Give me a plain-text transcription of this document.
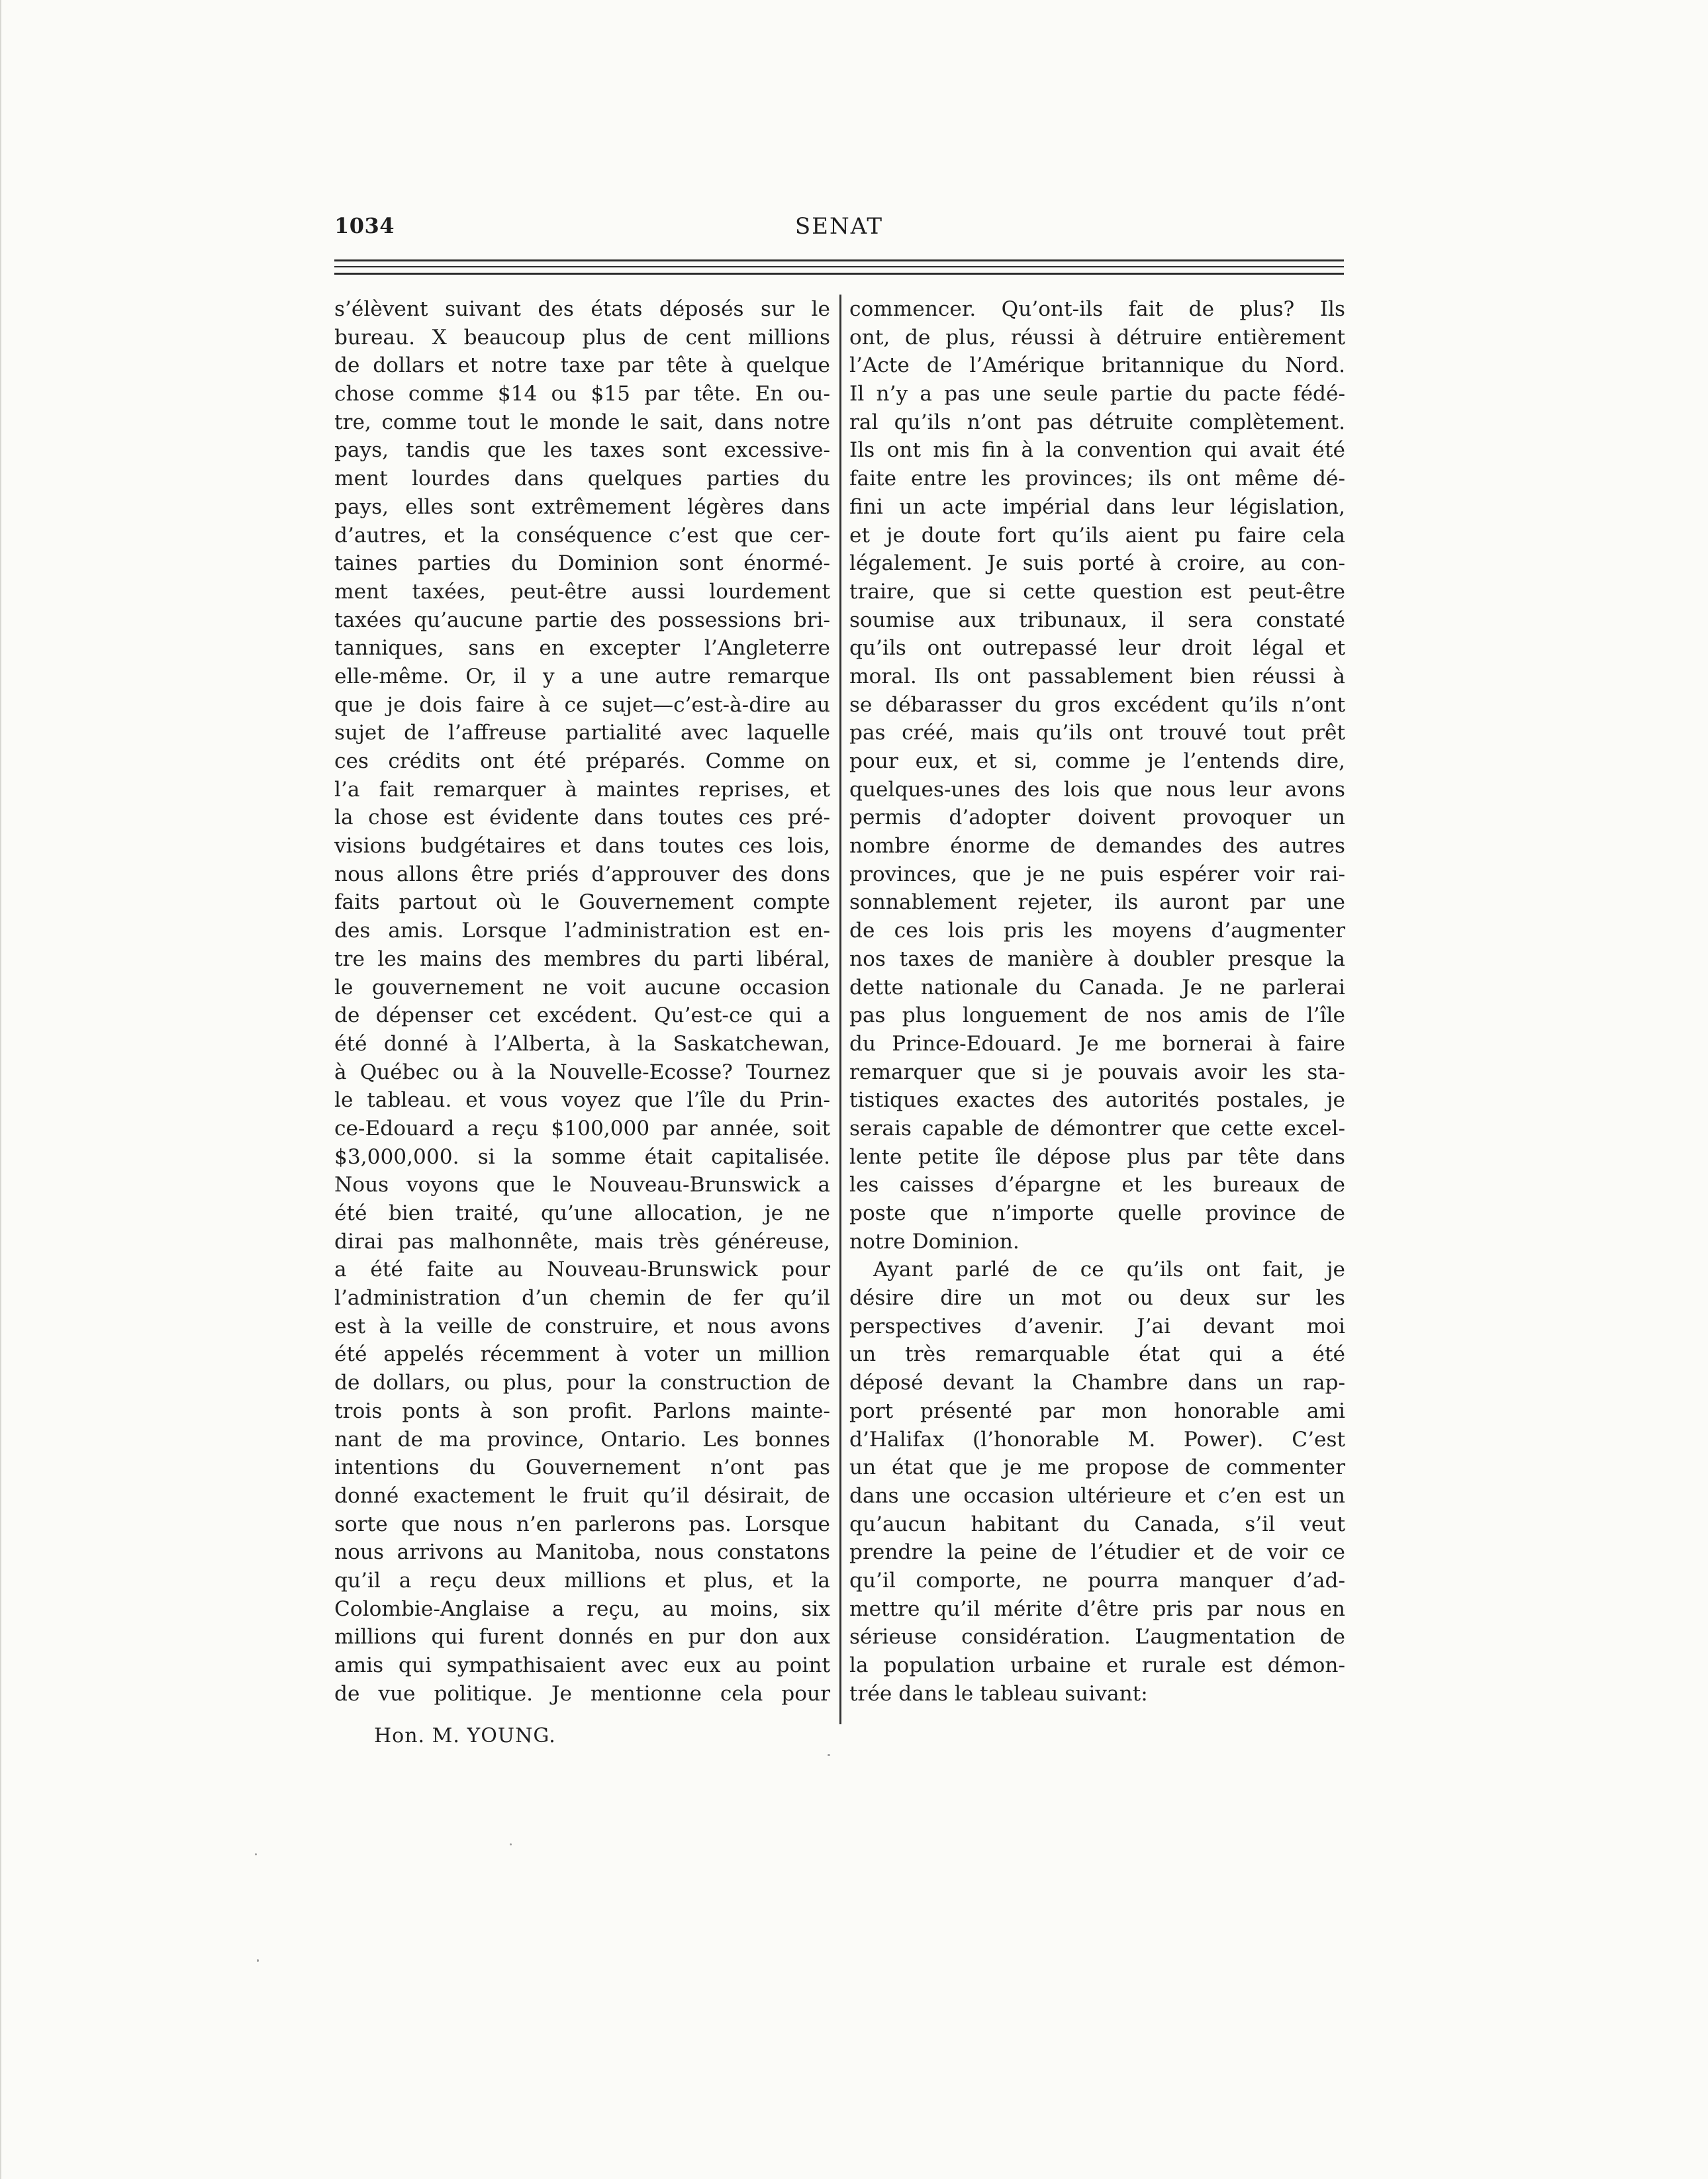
1034	SENAT
s’élèvent suivant des états déposés sur le
bureau. X beaucoup plus de cent millions
de dollars et notre taxe par tête à quelque
chose comme $14 ou $15 par tête. En ou-
tre, comme tout le monde le sait, dans notre
pays, tandis que les taxes sont excessive-
ment lourdes dans quelques parties du
pays, elles sont extrêmement légères dans
d’autres, et la conséquence c’est que cer-
taines parties du Dominion sont énormé-
ment taxées, peut-être aussi lourdement
taxées qu’aucune partie des possessions bri-
tanniques, sans en excepter l’Angleterre
elle-même. Or, il y a une autre remarque
que je dois faire à ce sujet—c’est-à-dire au
sujet de l’affreuse partialité avec laquelle
ces crédits ont été préparés. Comme on
l’a fait remarquer à maintes reprises, et
la chose est évidente dans toutes ces pré-
visions budgétaires et dans toutes ces lois,
nous allons être priés d’approuver des dons
faits partout où le Gouvernement compte
des amis. Lorsque l’administration est en-
tre les mains des membres du parti libéral,
le gouvernement ne voit aucune occasion
de dépenser cet excédent. Qu’est-ce qui a
été donné à l’Alberta, à la Saskatchewan,
à Québec ou à la Nouvelle-Ecosse? Tournez
le tableau. et vous voyez que l’île du Prin-
ce-Edouard a reçu $100,000 par année, soit
$3,000,000. si la somme était capitalisée.
Nous voyons que le Nouveau-Brunswick a
été bien traité, qu’une allocation, je ne
dirai pas malhonnête, mais très généreuse,
a été faite au Nouveau-Brunswick pour
l’administration d’un chemin de fer qu’il
est à la veille de construire, et nous avons
été appelés récemment à voter un million
de dollars, ou plus, pour la construction de
trois ponts à son profit. Parlons mainte-
nant de ma province, Ontario. Les bonnes
intentions du Gouvernement n’ont pas
donné exactement le fruit qu’il désirait, de
sorte que nous n’en parlerons pas. Lorsque
nous arrivons au Manitoba, nous constatons
qu’il a reçu deux millions et plus, et la
Colombie-Anglaise a reçu, au moins, six
millions qui furent donnés en pur don aux
amis qui sympathisaient avec eux au point
de vue politique. Je mentionne cela pour
commencer. Qu’ont-ils fait de plus? Ils
ont, de plus, réussi à détruire entièrement
l’Acte de l’Amérique britannique du Nord.
Il n’y a pas une seule partie du pacte fédé-
ral qu’ils n’ont pas détruite complètement.
Ils ont mis fin à la convention qui avait été
faite entre les provinces; ils ont même dé-
fini un acte impérial dans leur législation,
et je doute fort qu’ils aient pu faire cela
légalement. Je suis porté à croire, au con-
traire, que si cette question est peut-être
soumise aux tribunaux, il sera constaté
qu’ils ont outrepassé leur droit légal et
moral. Ils ont passablement bien réussi à
se débarasser du gros excédent qu’ils n’ont
pas créé, mais qu’ils ont trouvé tout prêt
pour eux, et si, comme je l’entends dire,
quelques-unes des lois que nous leur avons
permis d’adopter doivent provoquer un
nombre énorme de demandes des autres
provinces, que je ne puis espérer voir rai-
sonnablement rejeter, ils auront par une
de ces lois pris les moyens d’augmenter
nos taxes de manière à doubler presque la
dette nationale du Canada. Je ne parlerai
pas plus longuement de nos amis de l’île
du Prince-Edouard. Je me bornerai à faire
remarquer que si je pouvais avoir les sta-
tistiques exactes des autorités postales, je
serais capable de démontrer que cette excel-
lente petite île dépose plus par tête dans
les caisses d’épargne et les bureaux de
poste que n’importe quelle province de
notre Dominion.
Ayant parlé de ce qu’ils ont fait, je
désire dire un mot ou deux sur les
perspectives d’avenir. J’ai devant moi
un très remarquable état qui a été
déposé devant la Chambre dans un rap-
port présenté par mon honorable ami
d’Halifax (l’honorable M. Power). C’est
un état que je me propose de commenter
dans une occasion ultérieure et c’en est un
qu’aucun habitant du Canada, s’il veut
prendre la peine de l’étudier et de voir ce
qu’il comporte, ne pourra manquer d’ad-
mettre qu’il mérite d’être pris par nous en
sérieuse considération. L’augmentation de
la population urbaine et rurale est démon-
trée dans le tableau suivant:
Hon. M. YOUNG.
